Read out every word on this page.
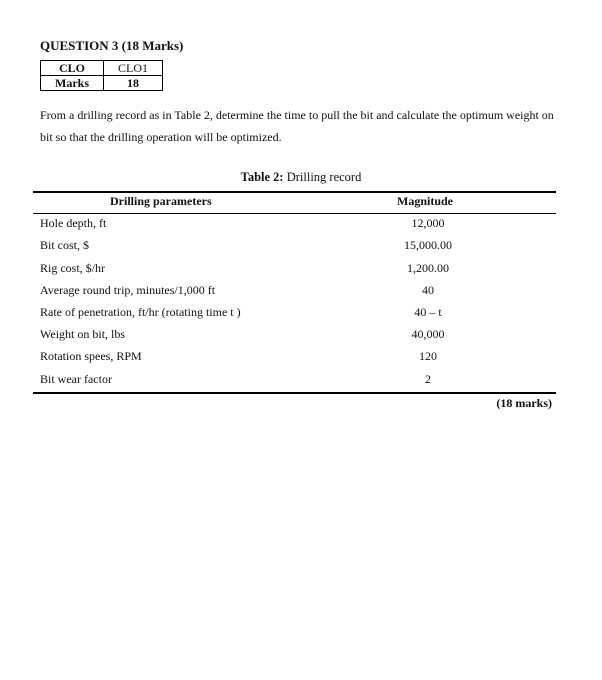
QUESTION 3 (18 Marks)
CLO	CLO1
Marks	18
From a drilling record as in Table 2, determine the time to pull the bit and calculate the optimum weight on bit so that the drilling operation will be optimized.
Table 2: Drilling record
Drilling parameters	Magnitude
Hole depth, ft	12,000
Bit cost, $	15,000.00
Rig cost, $/hr	1,200.00
Average round trip, minutes/1,000 ft	40
Rate of penetration, ft/hr (rotating time t )	40 – t
Weight on bit, lbs	40,000
Rotation spees, RPM	120
Bit wear factor	2
(18 marks)
